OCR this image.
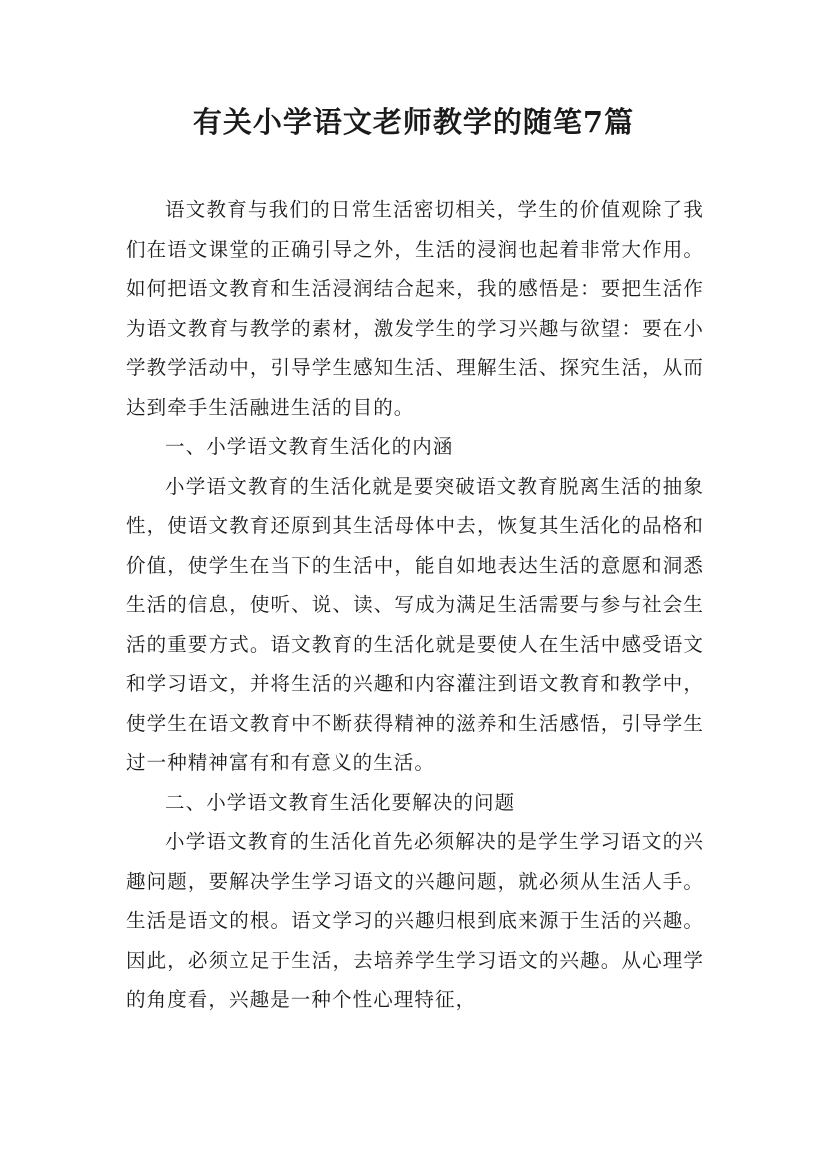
有关小学语文老师教学的随笔7篇

语文教育与我们的日常生活密切相关，学生的价值观除了我们在语文课堂的正确引导之外，生活的浸润也起着非常大作用。如何把语文教育和生活浸润结合起来，我的感悟是：要把生活作为语文教育与教学的素材，激发学生的学习兴趣与欲望：要在小学教学活动中，引导学生感知生活、理解生活、探究生活，从而达到牵手生活融进生活的目的。

一、小学语文教育生活化的内涵

小学语文教育的生活化就是要突破语文教育脱离生活的抽象性，使语文教育还原到其生活母体中去，恢复其生活化的品格和价值，使学生在当下的生活中，能自如地表达生活的意愿和洞悉生活的信息，使听、说、读、写成为满足生活需要与参与社会生活的重要方式。语文教育的生活化就是要使人在生活中感受语文和学习语文，并将生活的兴趣和内容灌注到语文教育和教学中，使学生在语文教育中不断获得精神的滋养和生活感悟，引导学生过一种精神富有和有意义的生活。

二、小学语文教育生活化要解决的问题

小学语文教育的生活化首先必须解决的是学生学习语文的兴趣问题，要解决学生学习语文的兴趣问题，就必须从生活人手。生活是语文的根。语文学习的兴趣归根到底来源于生活的兴趣。因此，必须立足于生活，去培养学生学习语文的兴趣。从心理学的角度看，兴趣是一种个性心理特征，
